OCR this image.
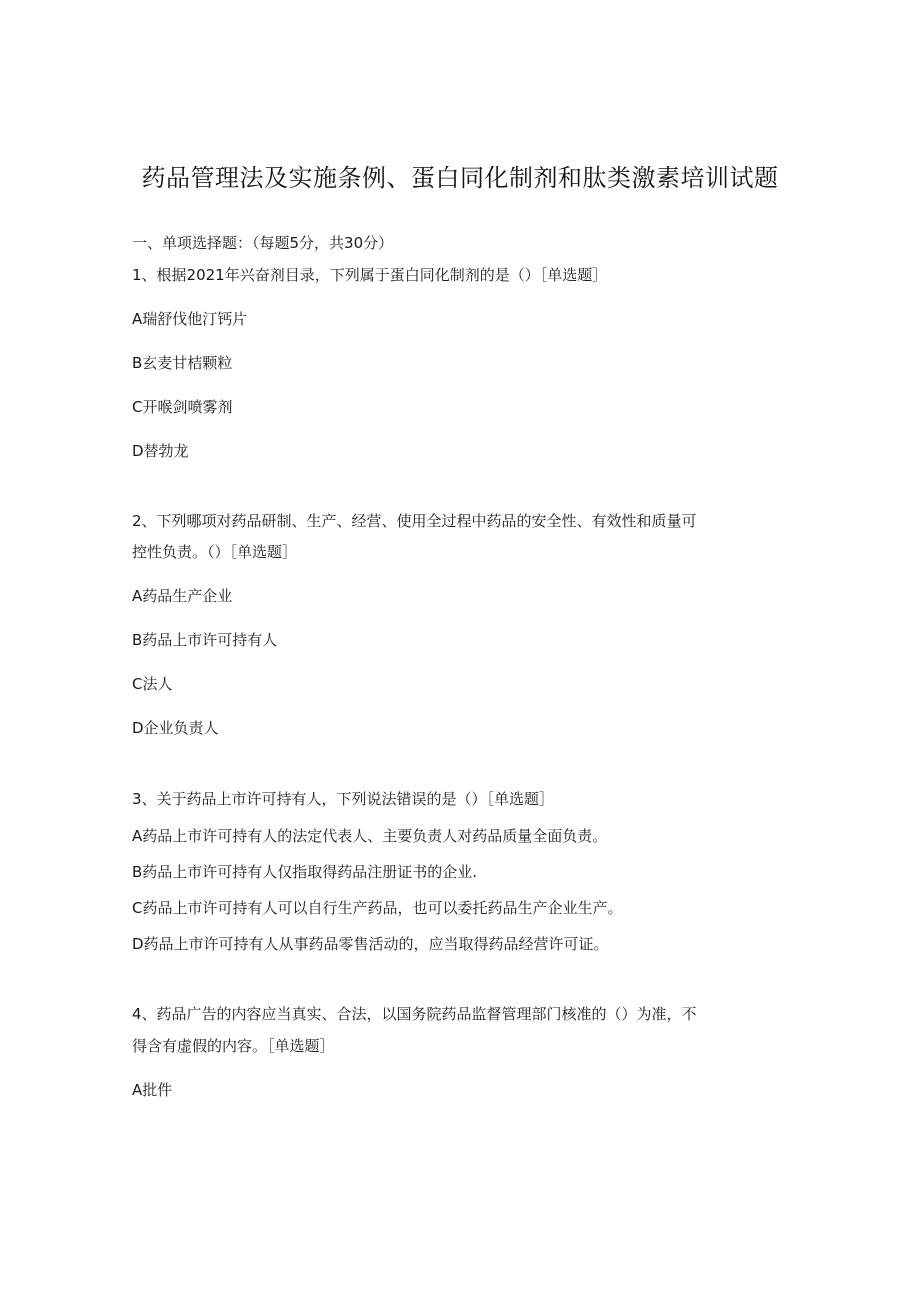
药品管理法及实施条例、蛋白同化制剂和肽类激素培训试题
一、单项选择题：（每题5分，共30分）
1、根据2021年兴奋剂目录，下列属于蛋白同化制剂的是（）［单选题］
A瑞舒伐他汀钙片
B玄麦甘桔颗粒
C开喉剑喷雾剂
D替勃龙
2、下列哪项对药品研制、生产、经营、使用全过程中药品的安全性、有效性和质量可
控性负责。（）［单选题］
A药品生产企业
B药品上市许可持有人
C法人
D企业负责人
3、关于药品上市许可持有人，下列说法错误的是（）［单选题］
A药品上市许可持有人的法定代表人、主要负责人对药品质量全面负责。
B药品上市许可持有人仅指取得药品注册证书的企业.
C药品上市许可持有人可以自行生产药品，也可以委托药品生产企业生产。
D药品上市许可持有人从事药品零售活动的，应当取得药品经营许可证。
4、药品广告的内容应当真实、合法，以国务院药品监督管理部门核准的（）为准，不
得含有虚假的内容。［单选题］
A批件
